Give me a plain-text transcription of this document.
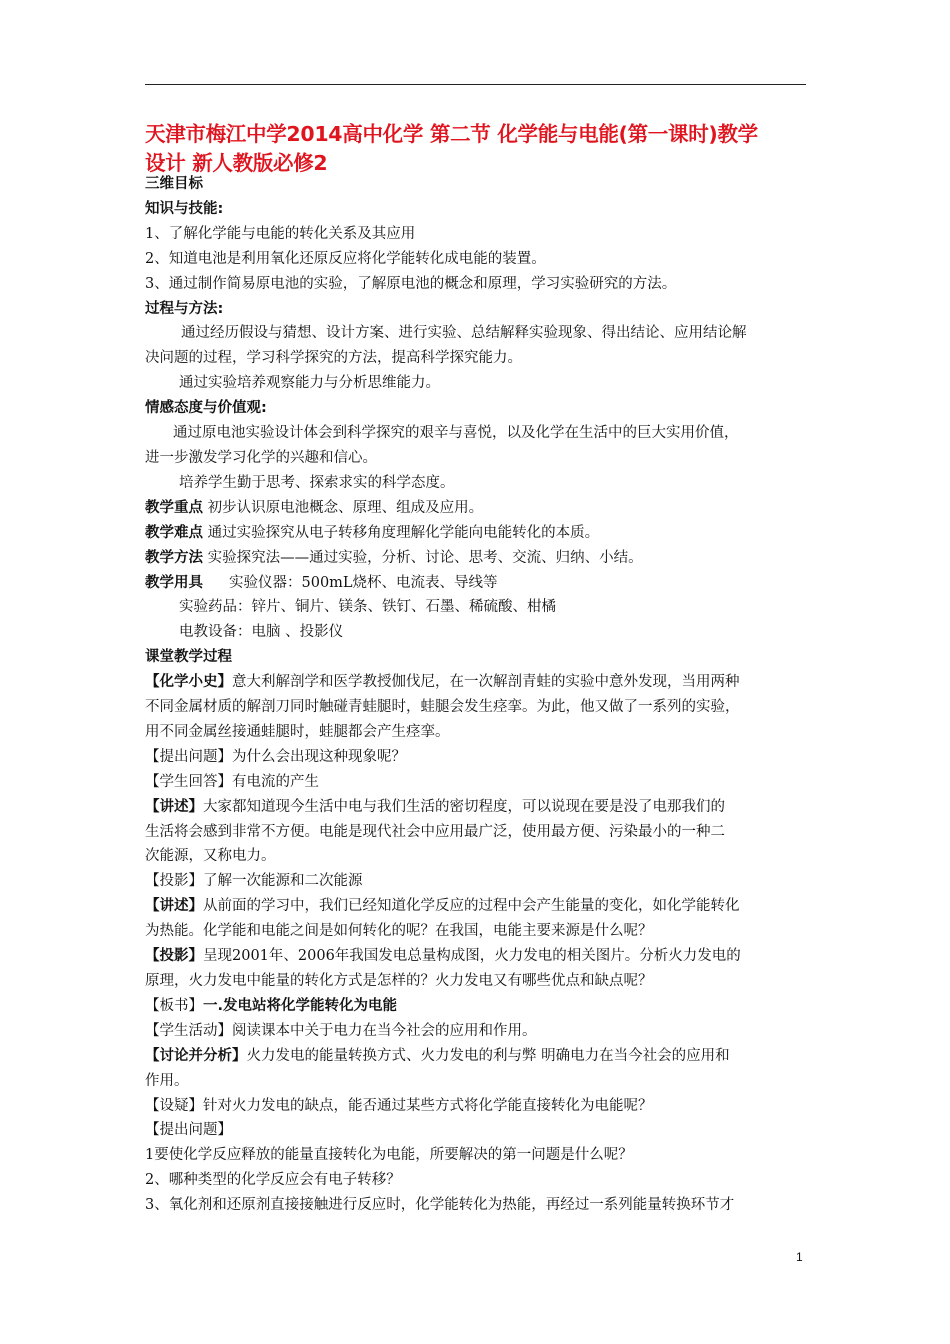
天津市梅江中学2014高中化学 第二节 化学能与电能(第一课时)教学
设计 新人教版必修2

三维目标

知识与技能:

1、了解化学能与电能的转化关系及其应用

2、知道电池是利用氧化还原反应将化学能转化成电能的装置。

3、通过制作简易原电池的实验，了解原电池的概念和原理，学习实验研究的方法。

过程与方法:

通过经历假设与猜想、设计方案、进行实验、总结解释实验现象、得出结论、应用结论解

决问题的过程，学习科学探究的方法，提高科学探究能力。

通过实验培养观察能力与分析思维能力。

情感态度与价值观:

通过原电池实验设计体会到科学探究的艰辛与喜悦，以及化学在生活中的巨大实用价值，

进一步激发学习化学的兴趣和信心。

培养学生勤于思考、探索求实的科学态度。

教学重点 初步认识原电池概念、原理、组成及应用。

教学难点 通过实验探究从电子转移角度理解化学能向电能转化的本质。

教学方法 实验探究法——通过实验，分析、讨论、思考、交流、归纳、小结。

教学用具 实验仪器：500mL烧杯、电流表、导线等

实验药品：锌片、铜片、镁条、铁钉、石墨、稀硫酸、柑橘

电教设备：电脑 、投影仪

课堂教学过程

【化学小史】意大利解剖学和医学教授伽伐尼，在一次解剖青蛙的实验中意外发现，当用两种

不同金属材质的解剖刀同时触碰青蛙腿时，蛙腿会发生痉挛。为此，他又做了一系列的实验，

用不同金属丝接通蛙腿时，蛙腿都会产生痉挛。

【提出问题】为什么会出现这种现象呢？

【学生回答】有电流的产生

【讲述】大家都知道现今生活中电与我们生活的密切程度，可以说现在要是没了电那我们的

生活将会感到非常不方便。电能是现代社会中应用最广泛，使用最方便、污染最小的一种二

次能源，又称电力。

【投影】了解一次能源和二次能源

【讲述】从前面的学习中，我们已经知道化学反应的过程中会产生能量的变化，如化学能转化

为热能。化学能和电能之间是如何转化的呢？在我国，电能主要来源是什么呢？

【投影】呈现2001年、2006年我国发电总量构成图，火力发电的相关图片。分析火力发电的

原理，火力发电中能量的转化方式是怎样的？火力发电又有哪些优点和缺点呢？

【板书】一.发电站将化学能转化为电能

【学生活动】阅读课本中关于电力在当今社会的应用和作用。

【讨论并分析】火力发电的能量转换方式、火力发电的利与弊 明确电力在当今社会的应用和

作用。

【设疑】针对火力发电的缺点，能否通过某些方式将化学能直接转化为电能呢？

【提出问题】

1要使化学反应释放的能量直接转化为电能，所要解决的第一问题是什么呢？

2、哪种类型的化学反应会有电子转移？

3、氧化剂和还原剂直接接触进行反应时，化学能转化为热能，再经过一系列能量转换环节才

1
